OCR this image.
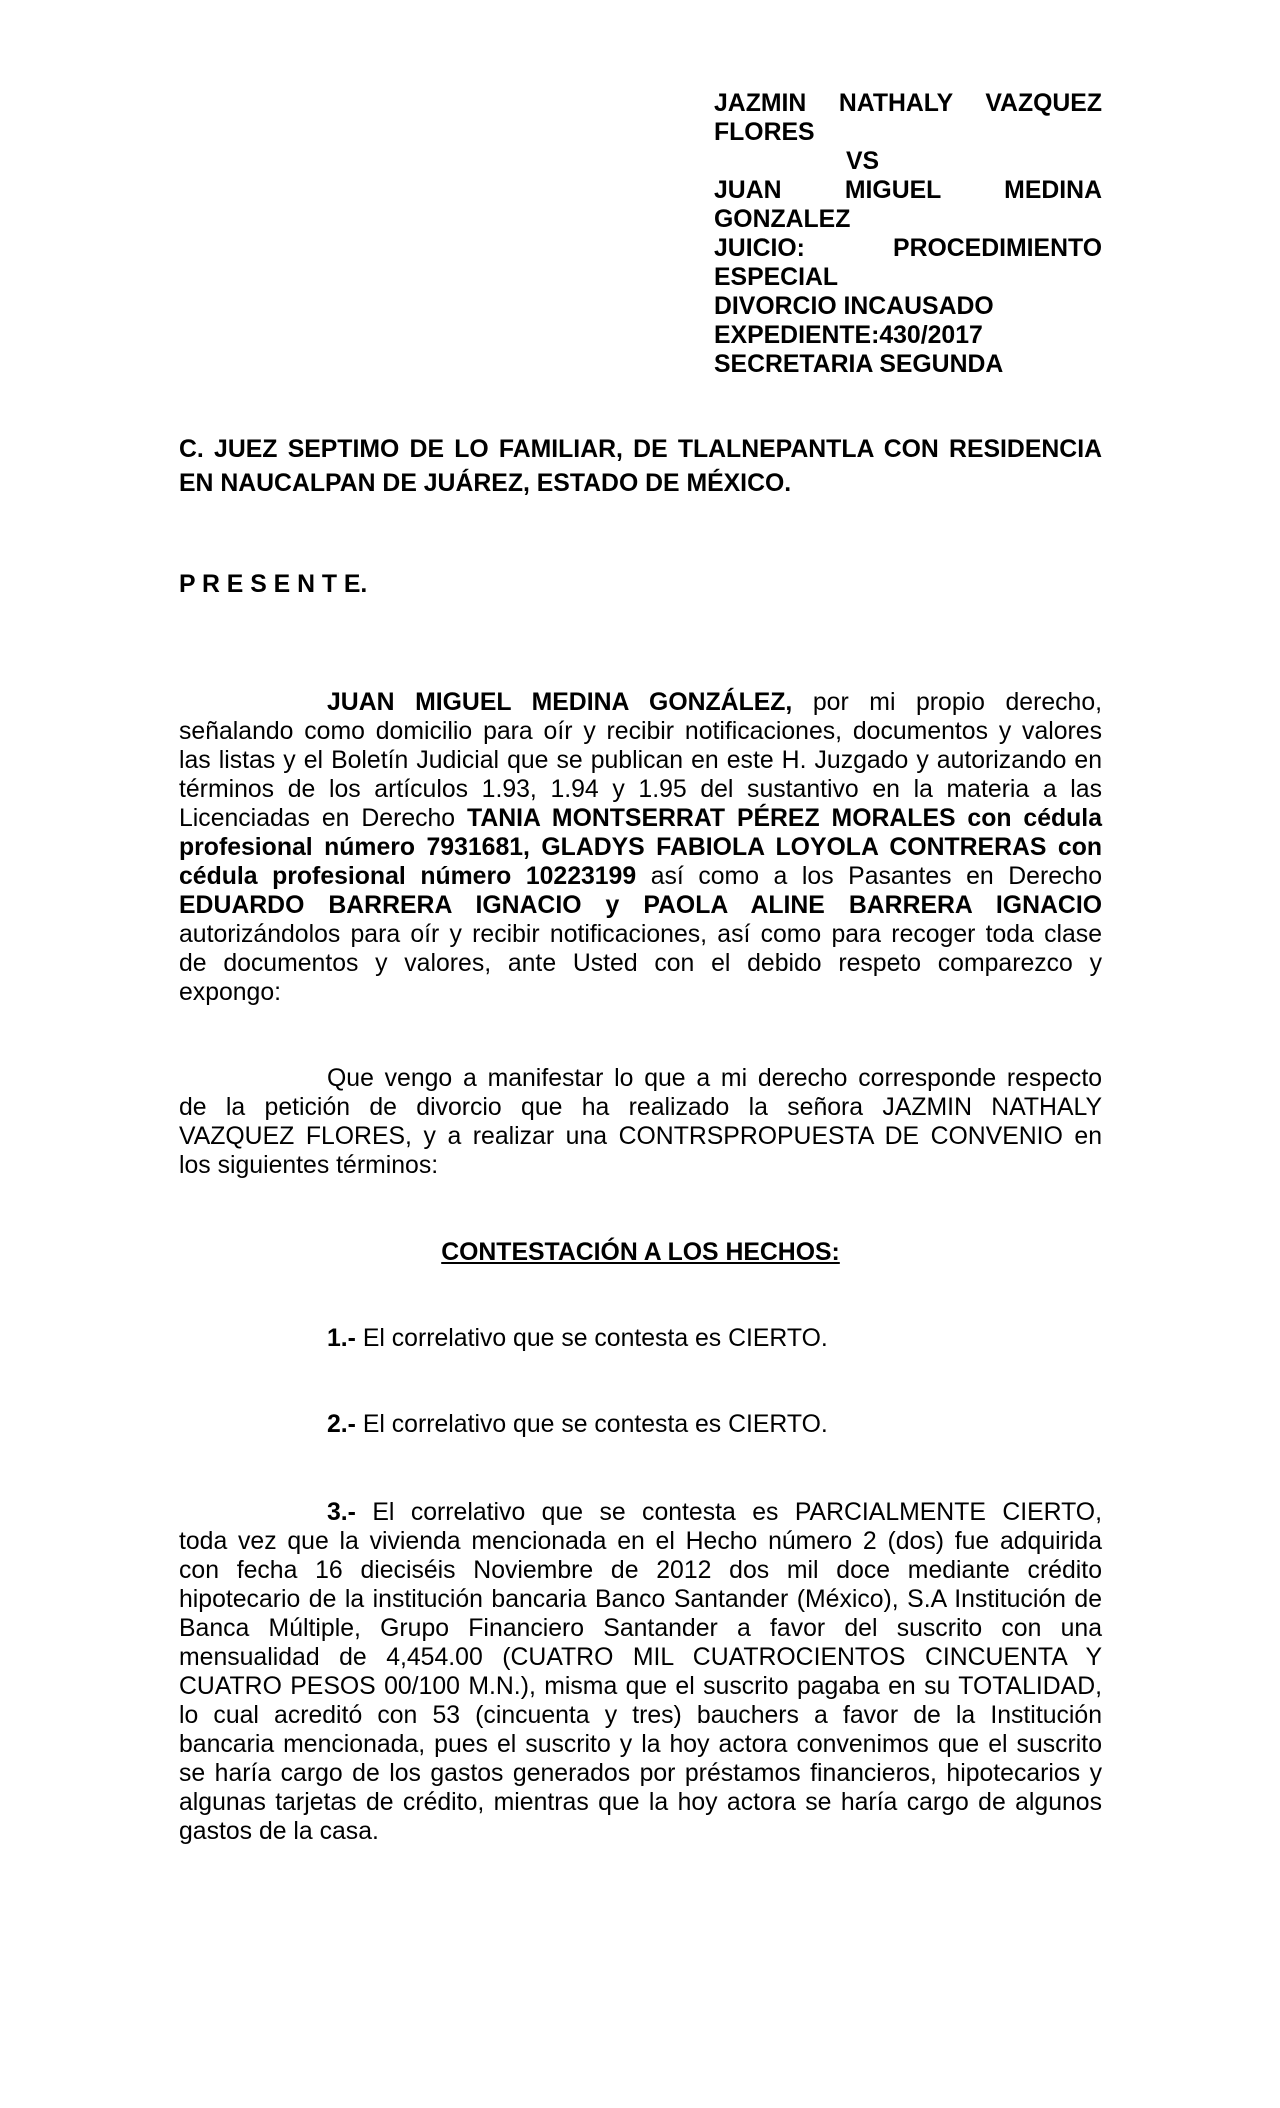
JAZMIN NATHALY VAZQUEZ
FLORES
VS
JUAN MIGUEL MEDINA
GONZALEZ
JUICIO: PROCEDIMIENTO
ESPECIAL
DIVORCIO INCAUSADO
EXPEDIENTE:430/2017
SECRETARIA SEGUNDA
C. JUEZ SEPTIMO DE LO FAMILIAR, DE TLALNEPANTLA CON RESIDENCIA
EN NAUCALPAN DE JUÁREZ, ESTADO DE MÉXICO.
P R E S E N T E.
JUAN MIGUEL MEDINA GONZÁLEZ, por mi propio derecho,
señalando como domicilio para oír y recibir notificaciones, documentos y valores
las listas y el Boletín Judicial que se publican en este H. Juzgado y autorizando en
términos de los artículos 1.93, 1.94 y 1.95 del sustantivo en la materia a las
Licenciadas en Derecho TANIA MONTSERRAT PÉREZ MORALES con cédula
profesional número 7931681, GLADYS FABIOLA LOYOLA CONTRERAS con
cédula profesional número 10223199 así como a los Pasantes en Derecho
EDUARDO BARRERA IGNACIO y PAOLA ALINE BARRERA IGNACIO
autorizándolos para oír y recibir notificaciones, así como para recoger toda clase
de documentos y valores, ante Usted con el debido respeto comparezco y
expongo:
Que vengo a manifestar lo que a mi derecho corresponde respecto
de la petición de divorcio que ha realizado la señora JAZMIN NATHALY
VAZQUEZ FLORES, y a realizar una CONTRSPROPUESTA DE CONVENIO en
los siguientes términos:
CONTESTACIÓN A LOS HECHOS:
1.- El correlativo que se contesta es CIERTO.
2.- El correlativo que se contesta es CIERTO.
3.- El correlativo que se contesta es PARCIALMENTE CIERTO,
toda vez que la vivienda mencionada en el Hecho número 2 (dos) fue adquirida
con fecha 16 dieciséis Noviembre de 2012 dos mil doce mediante crédito
hipotecario de la institución bancaria Banco Santander (México), S.A Institución de
Banca Múltiple, Grupo Financiero Santander a favor del suscrito con una
mensualidad de 4,454.00 (CUATRO MIL CUATROCIENTOS CINCUENTA Y
CUATRO PESOS 00/100 M.N.), misma que el suscrito pagaba en su TOTALIDAD,
lo cual acreditó con 53 (cincuenta y tres) bauchers a favor de la Institución
bancaria mencionada, pues el suscrito y la hoy actora convenimos que el suscrito
se haría cargo de los gastos generados por préstamos financieros, hipotecarios y
algunas tarjetas de crédito, mientras que la hoy actora se haría cargo de algunos
gastos de la casa.
